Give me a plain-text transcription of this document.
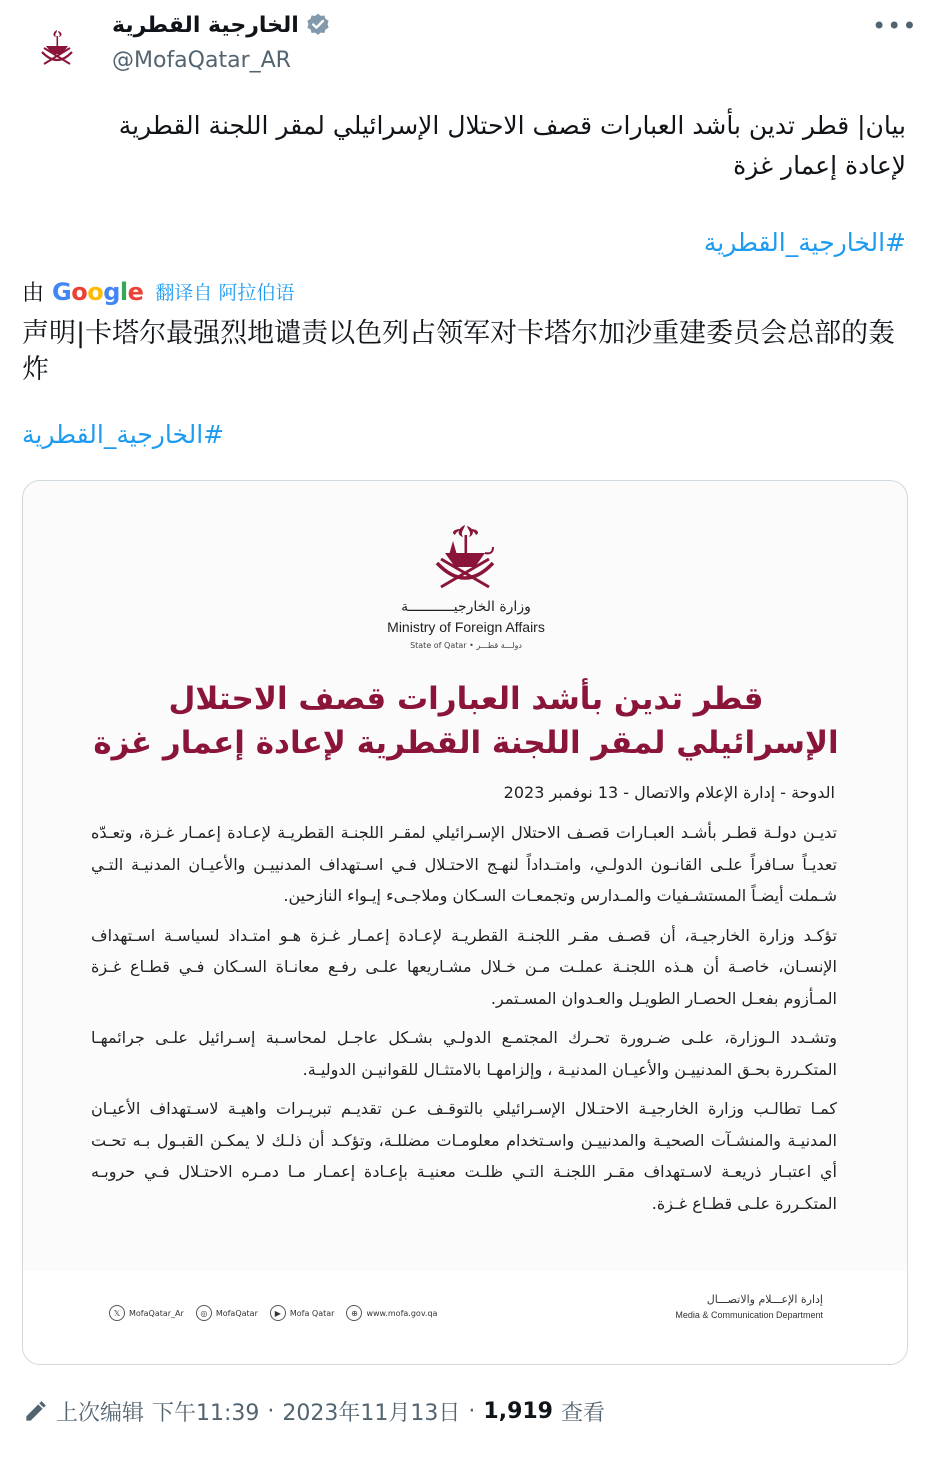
الخارجية القطرية
@MofaQatar_AR
•••
بيان| قطر تدين بأشد العبارات قصف الاحتلال الإسرائيلي لمقر اللجنة القطرية لإعادة إعمار غزة
#الخارجية_القطرية
由 Google 翻译自 阿拉伯语
声明|卡塔尔最强烈地谴责以色列占领军对卡塔尔加沙重建委员会总部的轰炸
#الخارجية_القطرية
وزارة الخارجيـــــــــــة
Ministry of Foreign Affairs
State of Qatar • دولـــة قطـــر
قطر تدين بأشد العبارات قصف الاحتلال الإسرائيلي لمقر اللجنة القطرية لإعادة إعمار غزة
الدوحة - إدارة الإعلام والاتصال - 13 نوفمبر 2023

تديـن دولـة قطـر بأشـد العبـارات قصـف الاحتلال الإسـرائيلي لمقـر اللجنـة القطريـة لإعـادة إعمـار غـزة، وتعـدّه تعديـاً سـافراً علـى القانـون الدولـي، وامتـداداً لنهـج الاحتـلال فـي اسـتهداف المدنييـن والأعيـان المدنيـة التـي شـملت أيضـاً المستشـفيات والمـدارس وتجمعـات السـكان وملاجـىء إيـواء النازحين.

تؤكـد وزارة الخارجيـة، أن قصـف مقـر اللجنـة القطريـة لإعـادة إعمـار غـزة هـو امتـداد لسياسـة اسـتهداف الإنسـان، خاصـة أن هـذه اللجنـة عملـت مـن خـلال مشـاريعها علـى رفـع معانـاة السـكان فـي قطـاع غـزة المـأزوم بفعـل الحصـار الطويـل والعـدوان المسـتمر.

وتشـدد الـوزارة، علـى ضـرورة تحـرك المجتمـع الدولـي بشـكل عاجـل لمحاسـبة إسـرائيل علـى جرائمهـا المتكـررة بحـق المدنييـن والأعيـان المدنيـة ، وإلزامهـا بالامتثـال للقوانيـن الدوليـة.

كمـا تطالـب وزارة الخارجيـة الاحتـلال الإسـرائيلي بالتوقـف عـن تقديـم تبريـرات واهيـة لاسـتهداف الأعيـان المدنيـة والمنشـآت الصحيـة والمدنييـن واسـتخدام معلومـات مضللـة، وتؤكـد أن ذلـك لا يمكـن القبـول بـه تحـت أي اعتبـار ذريعـة لاسـتهداف مقـر اللجنـة التـي ظلـت معنيـة بإعـادة إعمـار مـا دمـره الاحتـلال فـي حروبـه المتكـررة علـى قطـاع غـزة.

𝕏	MofaQatar_Ar	◎	MofaQatar	▶	Mofa Qatar	⊕	www.mofa.gov.qa
إدارة الإعـــلام والاتصـــال
Media & Communication Department
上次编辑 下午11:39 · 2023年11月13日 · 1,919 查看
